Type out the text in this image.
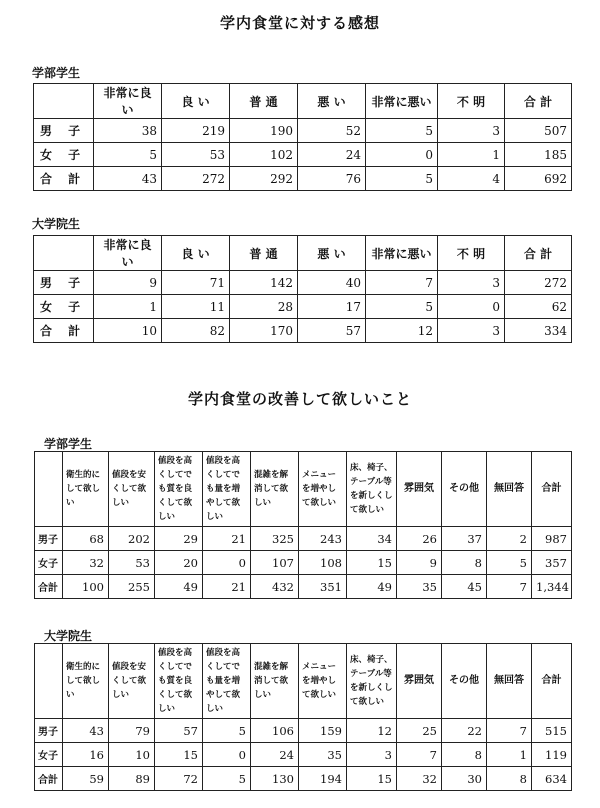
学内食堂に対する感想
学部学生
	非常に良い	良 い	普 通	悪 い	非常に悪い	不 明	合 計
男 子	38	219	190	52	5	3	507
女 子	5	53	102	24	0	1	185
合 計	43	272	292	76	5	4	692
大学院生
	非常に良い	良 い	普 通	悪 い	非常に悪い	不 明	合 計
男 子	9	71	142	40	7	3	272
女 子	1	11	28	17	5	0	62
合 計	10	82	170	57	12	3	334
学内食堂の改善して欲しいこと
学部学生
	衛生的にして欲しい	値段を安くして欲しい	値段を高くしてでも質を良くして欲しい	値段を高くしてでも量を増やして欲しい	混雑を解消して欲しい	メニューを増やして欲しい	床、椅子、テーブル等を新しくして欲しい	雰囲気	その他	無回答	合計
男子	68	202	29	21	325	243	34	26	37	2	987
女子	32	53	20	0	107	108	15	9	8	5	357
合計	100	255	49	21	432	351	49	35	45	7	1,344
大学院生
	衛生的にして欲しい	値段を安くして欲しい	値段を高くしてでも質を良くして欲しい	値段を高くしてでも量を増やして欲しい	混雑を解消して欲しい	メニューを増やして欲しい	床、椅子、テーブル等を新しくして欲しい	雰囲気	その他	無回答	合計
男子	43	79	57	5	106	159	12	25	22	7	515
女子	16	10	15	0	24	35	3	7	8	1	119
合計	59	89	72	5	130	194	15	32	30	8	634
